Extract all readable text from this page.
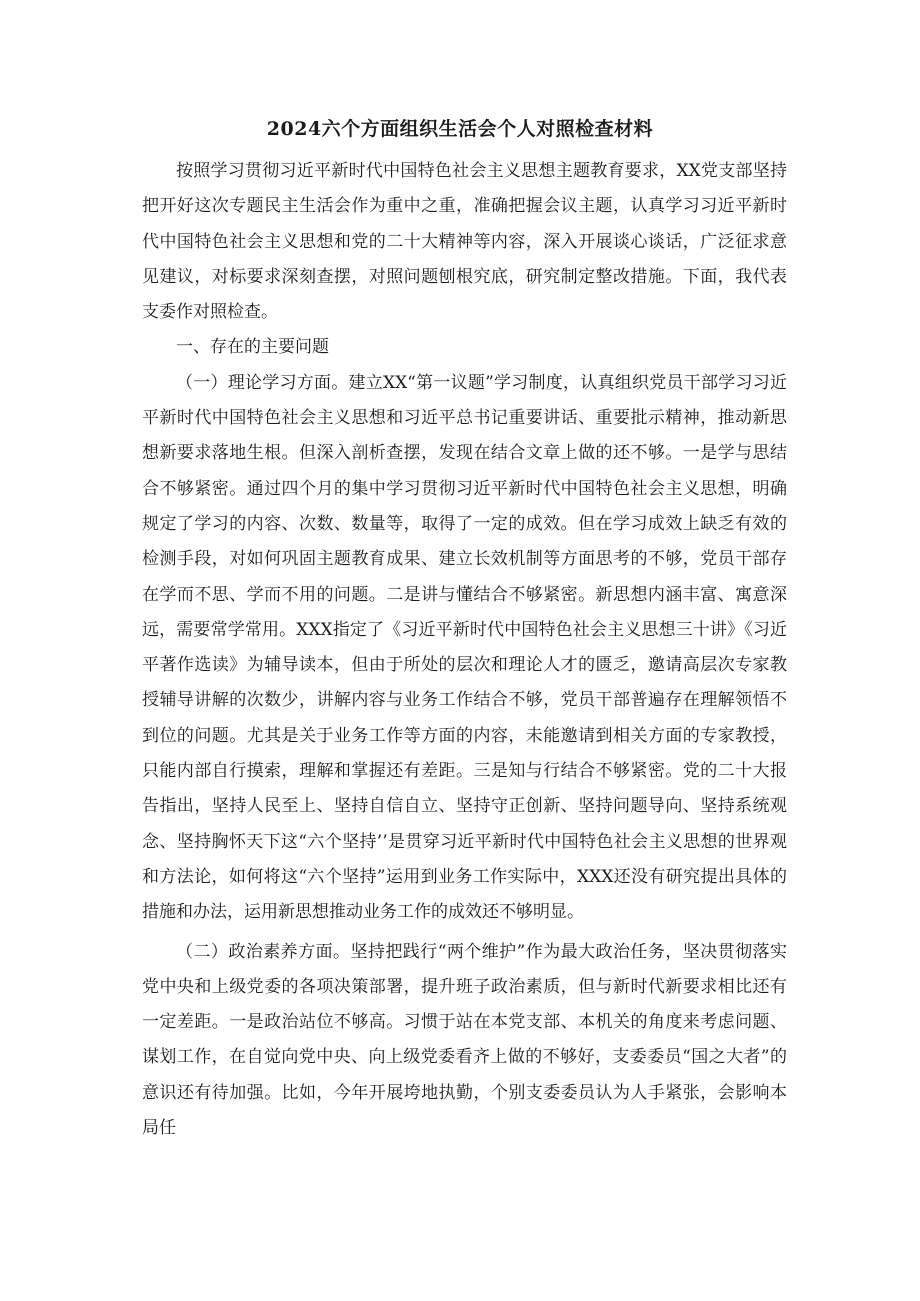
2024六个方面组织生活会个人对照检查材料

按照学习贯彻习近平新时代中国特色社会主义思想主题教育要求，XX党支部坚持把开好这次专题民主生活会作为重中之重，准确把握会议主题，认真学习习近平新时代中国特色社会主义思想和党的二十大精神等内容，深入开展谈心谈话，广泛征求意见建议，对标要求深刻查摆，对照问题刨根究底，研究制定整改措施。下面，我代表支委作对照检查。

一、存在的主要问题

（一）理论学习方面。建立XX“第一议题”学习制度，认真组织党员干部学习习近平新时代中国特色社会主义思想和习近平总书记重要讲话、重要批示精神，推动新思想新要求落地生根。但深入剖析查摆，发现在结合文章上做的还不够。一是学与思结合不够紧密。通过四个月的集中学习贯彻习近平新时代中国特色社会主义思想，明确规定了学习的内容、次数、数量等，取得了一定的成效。但在学习成效上缺乏有效的检测手段，对如何巩固主题教育成果、建立长效机制等方面思考的不够，党员干部存在学而不思、学而不用的问题。二是讲与懂结合不够紧密。新思想内涵丰富、寓意深远，需要常学常用。XXX指定了《习近平新时代中国特色社会主义思想三十讲》《习近平著作选读》为辅导读本，但由于所处的层次和理论人才的匮乏，邀请高层次专家教授辅导讲解的次数少，讲解内容与业务工作结合不够，党员干部普遍存在理解领悟不到位的问题。尤其是关于业务工作等方面的内容，未能邀请到相关方面的专家教授，只能内部自行摸索，理解和掌握还有差距。三是知与行结合不够紧密。党的二十大报告指出，坚持人民至上、坚持自信自立、坚持守正创新、坚持问题导向、坚持系统观念、坚持胸怀天下这“六个坚持’’是贯穿习近平新时代中国特色社会主义思想的世界观和方法论，如何将这“六个坚持”运用到业务工作实际中，XXX还没有研究提出具体的措施和办法，运用新思想推动业务工作的成效还不够明显。

（二）政治素养方面。坚持把践行“两个维护”作为最大政治任务，坚决贯彻落实党中央和上级党委的各项决策部署，提升班子政治素质，但与新时代新要求相比还有一定差距。一是政治站位不够高。习惯于站在本党支部、本机关的角度来考虑问题、谋划工作，在自觉向党中央、向上级党委看齐上做的不够好，支委委员“国之大者”的意识还有待加强。比如，今年开展垮地执勤，个别支委委员认为人手紧张，会影响本局任
